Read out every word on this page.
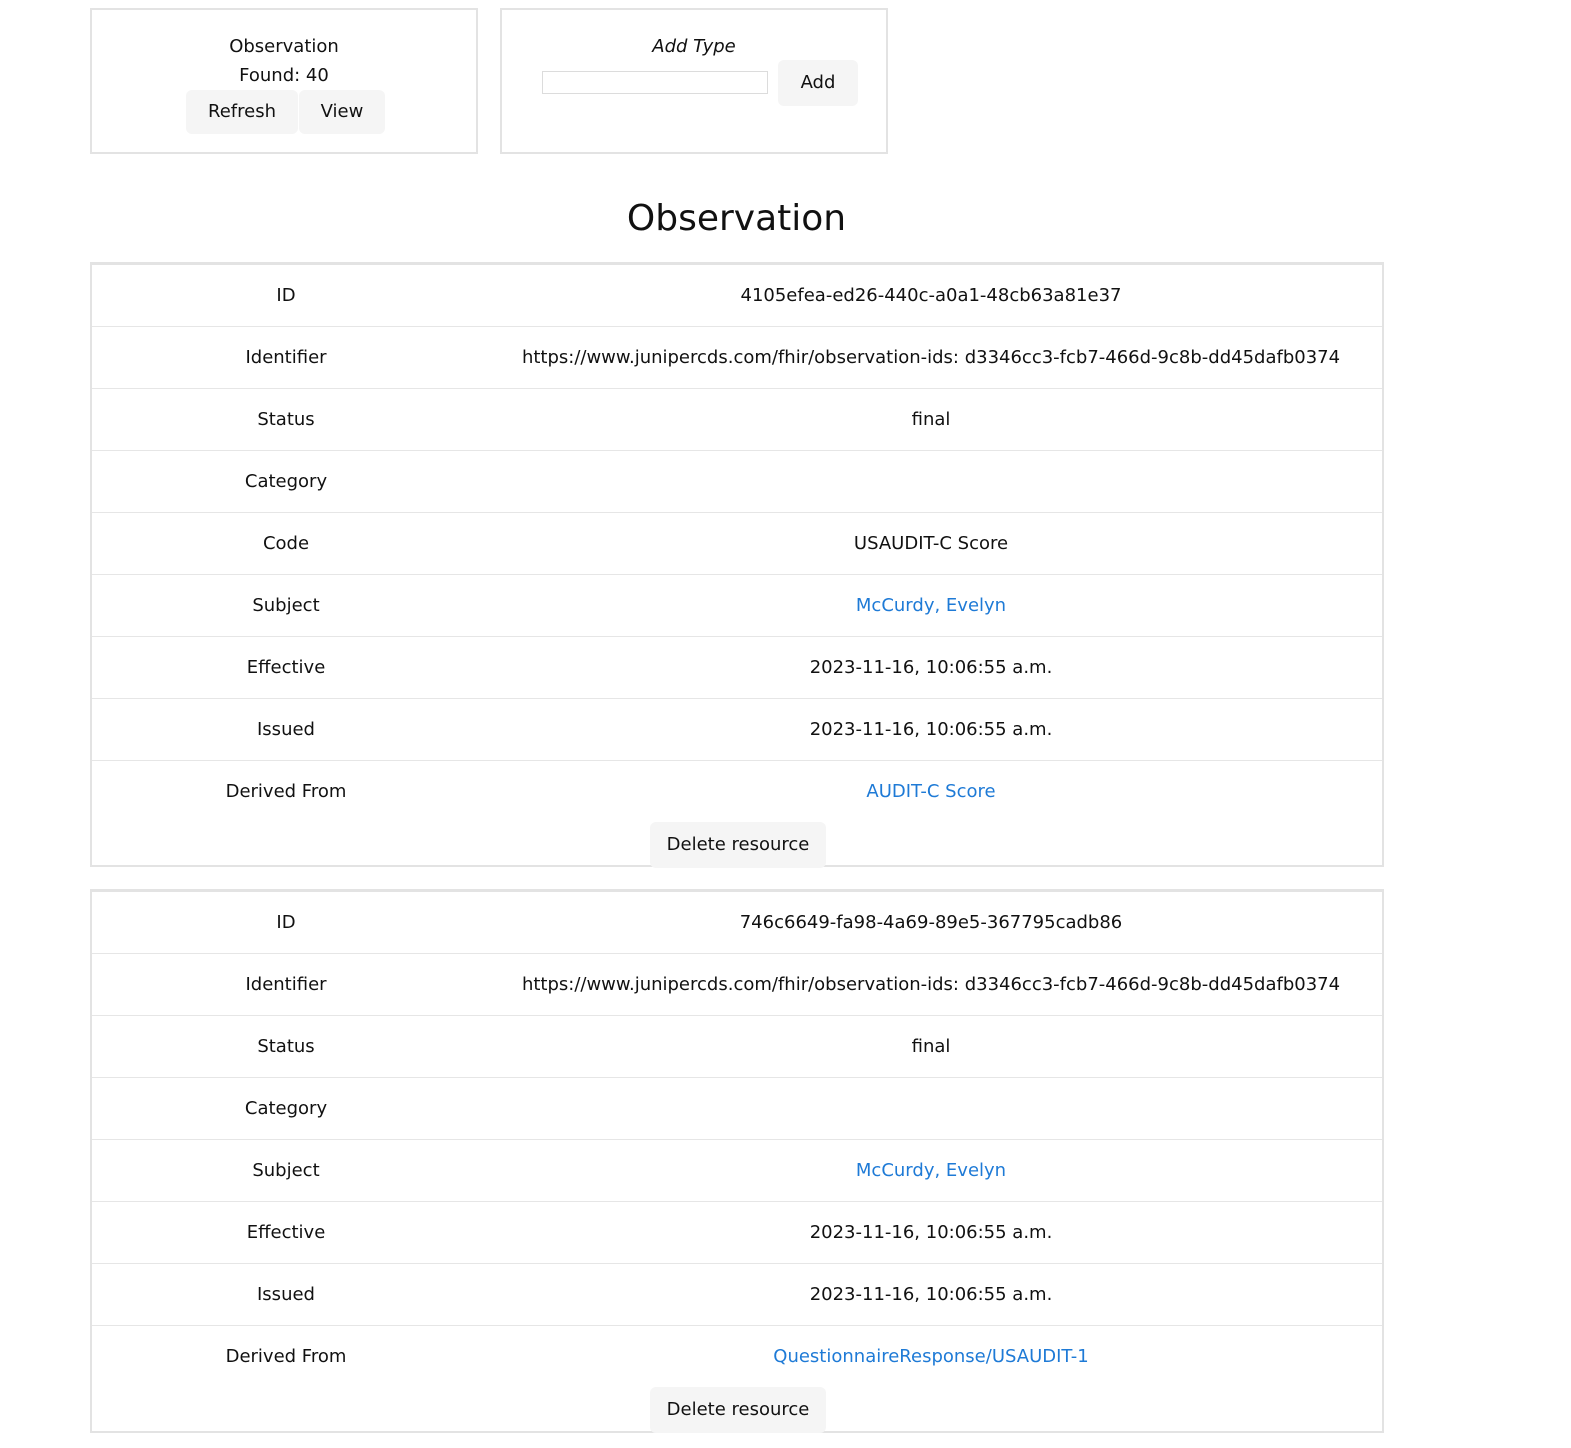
Observation
Found: 40
Refresh	View
Add Type
Add
Observation
ID	4105efea-ed26-440c-a0a1-48cb63a81e37
Identifier	https://www.junipercds.com/fhir/observation-ids: d3346cc3-fcb7-466d-9c8b-dd45dafb0374
Status	final
Category
Code	USAUDIT-C Score
Subject	McCurdy, Evelyn
Effective	2023-11-16, 10:06:55 a.m.
Issued	2023-11-16, 10:06:55 a.m.
Derived From	AUDIT-C Score
Delete resource
ID	746c6649-fa98-4a69-89e5-367795cadb86
Identifier	https://www.junipercds.com/fhir/observation-ids: d3346cc3-fcb7-466d-9c8b-dd45dafb0374
Status	final
Category
Subject	McCurdy, Evelyn
Effective	2023-11-16, 10:06:55 a.m.
Issued	2023-11-16, 10:06:55 a.m.
Derived From	QuestionnaireResponse/USAUDIT-1
Delete resource
